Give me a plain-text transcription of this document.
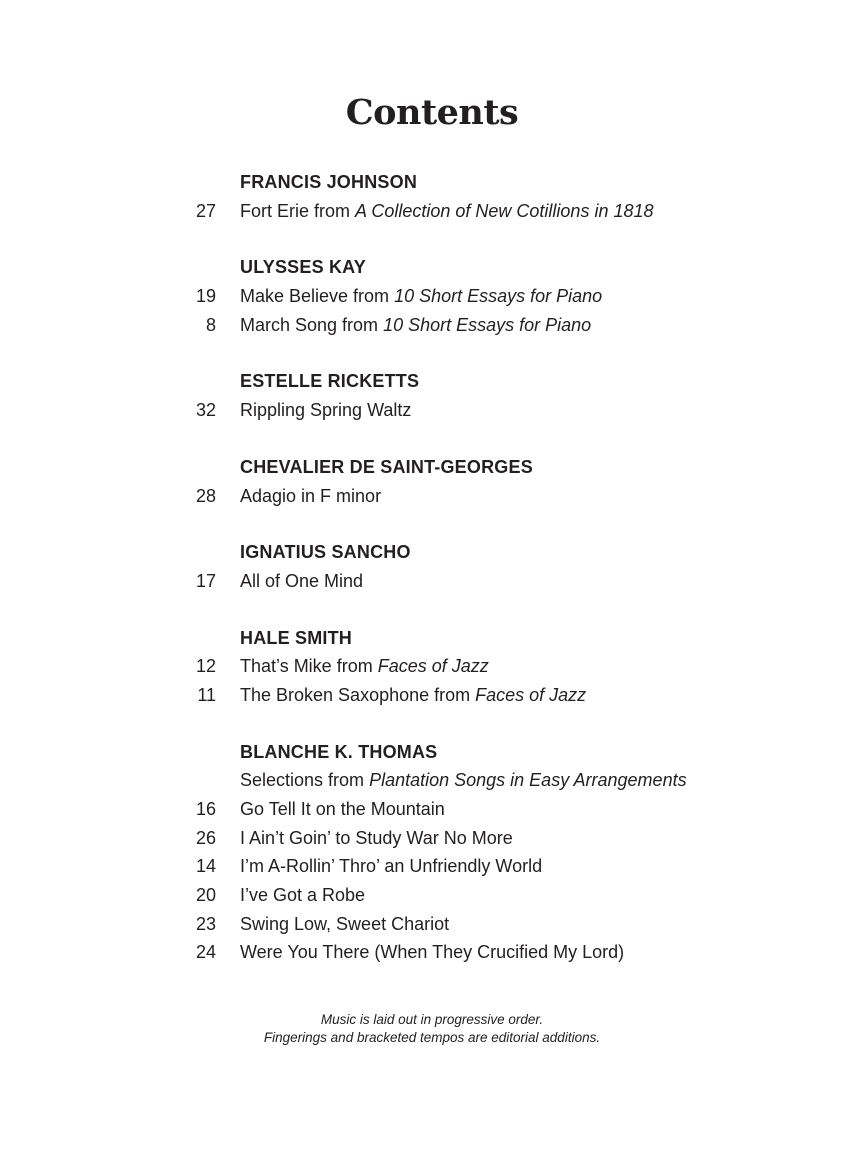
Contents
FRANCIS JOHNSON
27 Fort Erie from A Collection of New Cotillions in 1818
ULYSSES KAY
19 Make Believe from 10 Short Essays for Piano
8 March Song from 10 Short Essays for Piano
ESTELLE RICKETTS
32 Rippling Spring Waltz
CHEVALIER DE SAINT-GEORGES
28 Adagio in F minor
IGNATIUS SANCHO
17 All of One Mind
HALE SMITH
12 That’s Mike from Faces of Jazz
11 The Broken Saxophone from Faces of Jazz
BLANCHE K. THOMAS
Selections from Plantation Songs in Easy Arrangements
16 Go Tell It on the Mountain
26 I Ain’t Goin’ to Study War No More
14 I’m A-Rollin’ Thro’ an Unfriendly World
20 I’ve Got a Robe
23 Swing Low, Sweet Chariot
24 Were You There (When They Crucified My Lord)
Music is laid out in progressive order.
Fingerings and bracketed tempos are editorial additions.
